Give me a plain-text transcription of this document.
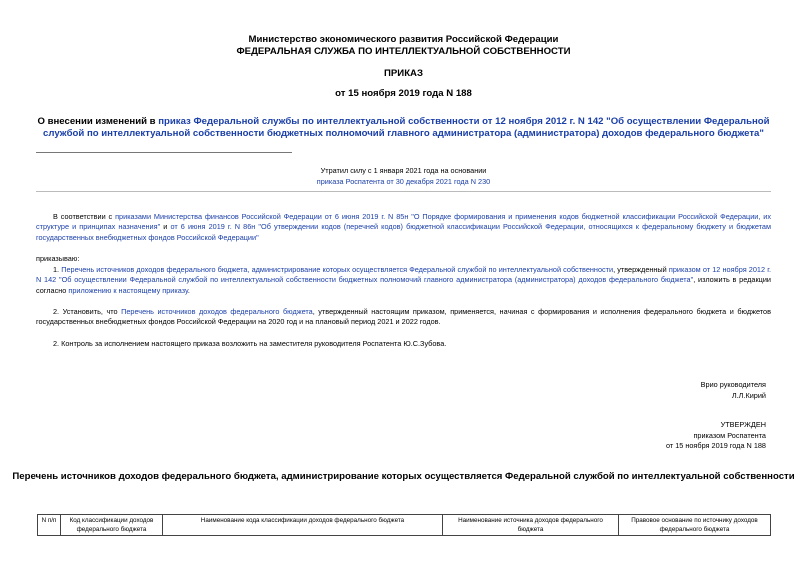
Министерство экономического развития Российской Федерации
ФЕДЕРАЛЬНАЯ СЛУЖБА ПО ИНТЕЛЛЕКТУАЛЬНОЙ СОБСТВЕННОСТИ
ПРИКАЗ
от 15 ноября 2019 года N 188
О внесении изменений в приказ Федеральной службы по интеллектуальной собственности от 12 ноября 2012 г. N 142 "Об осуществлении Федеральной службой по интеллектуальной собственности бюджетных полномочий главного администратора (администратора) доходов федерального бюджета"
Утратил силу с 1 января 2021 года на основании
приказа Роспатента от 30 декабря 2021 года N 230
В соответствии с приказами Министерства финансов Российской Федерации от 6 июня 2019 г. N 85н "О Порядке формирования и применения кодов бюджетной классификации Российской Федерации, их структуре и принципах назначения" и от 6 июня 2019 г. N 86н "Об утверждении кодов (перечней кодов) бюджетной классификации Российской Федерации, относящихся к федеральному бюджету и бюджетам государственных внебюджетных фондов Российской Федерации"
приказываю:
1. Перечень источников доходов федерального бюджета, администрирование которых осуществляется Федеральной службой по интеллектуальной собственности, утвержденный приказом от 12 ноября 2012 г. N 142 "Об осуществлении Федеральной службой по интеллектуальной собственности бюджетных полномочий главного администратора (администратора) доходов федерального бюджета", изложить в редакции согласно приложению к настоящему приказу.
2. Установить, что Перечень источников доходов федерального бюджета, утвержденный настоящим приказом, применяется, начиная с формирования и исполнения федерального бюджета и бюджетов государственных внебюджетных фондов Российской Федерации на 2020 год и на плановый период 2021 и 2022 годов.
2. Контроль за исполнением настоящего приказа возложить на заместителя руководителя Роспатента Ю.С.Зубова.
Врио руководителя
Л.Л.Кирий
УТВЕРЖДЕН
приказом Роспатента
от 15 ноября 2019 года N 188
Перечень источников доходов федерального бюджета, администрирование которых осуществляется Федеральной службой по интеллектуальной собственности
N п/п	Код классификации доходов федерального бюджета	Наименование кода классификации доходов федерального бюджета	Наименование источника доходов федерального бюджета	Правовое основание по источнику доходов федерального бюджета
